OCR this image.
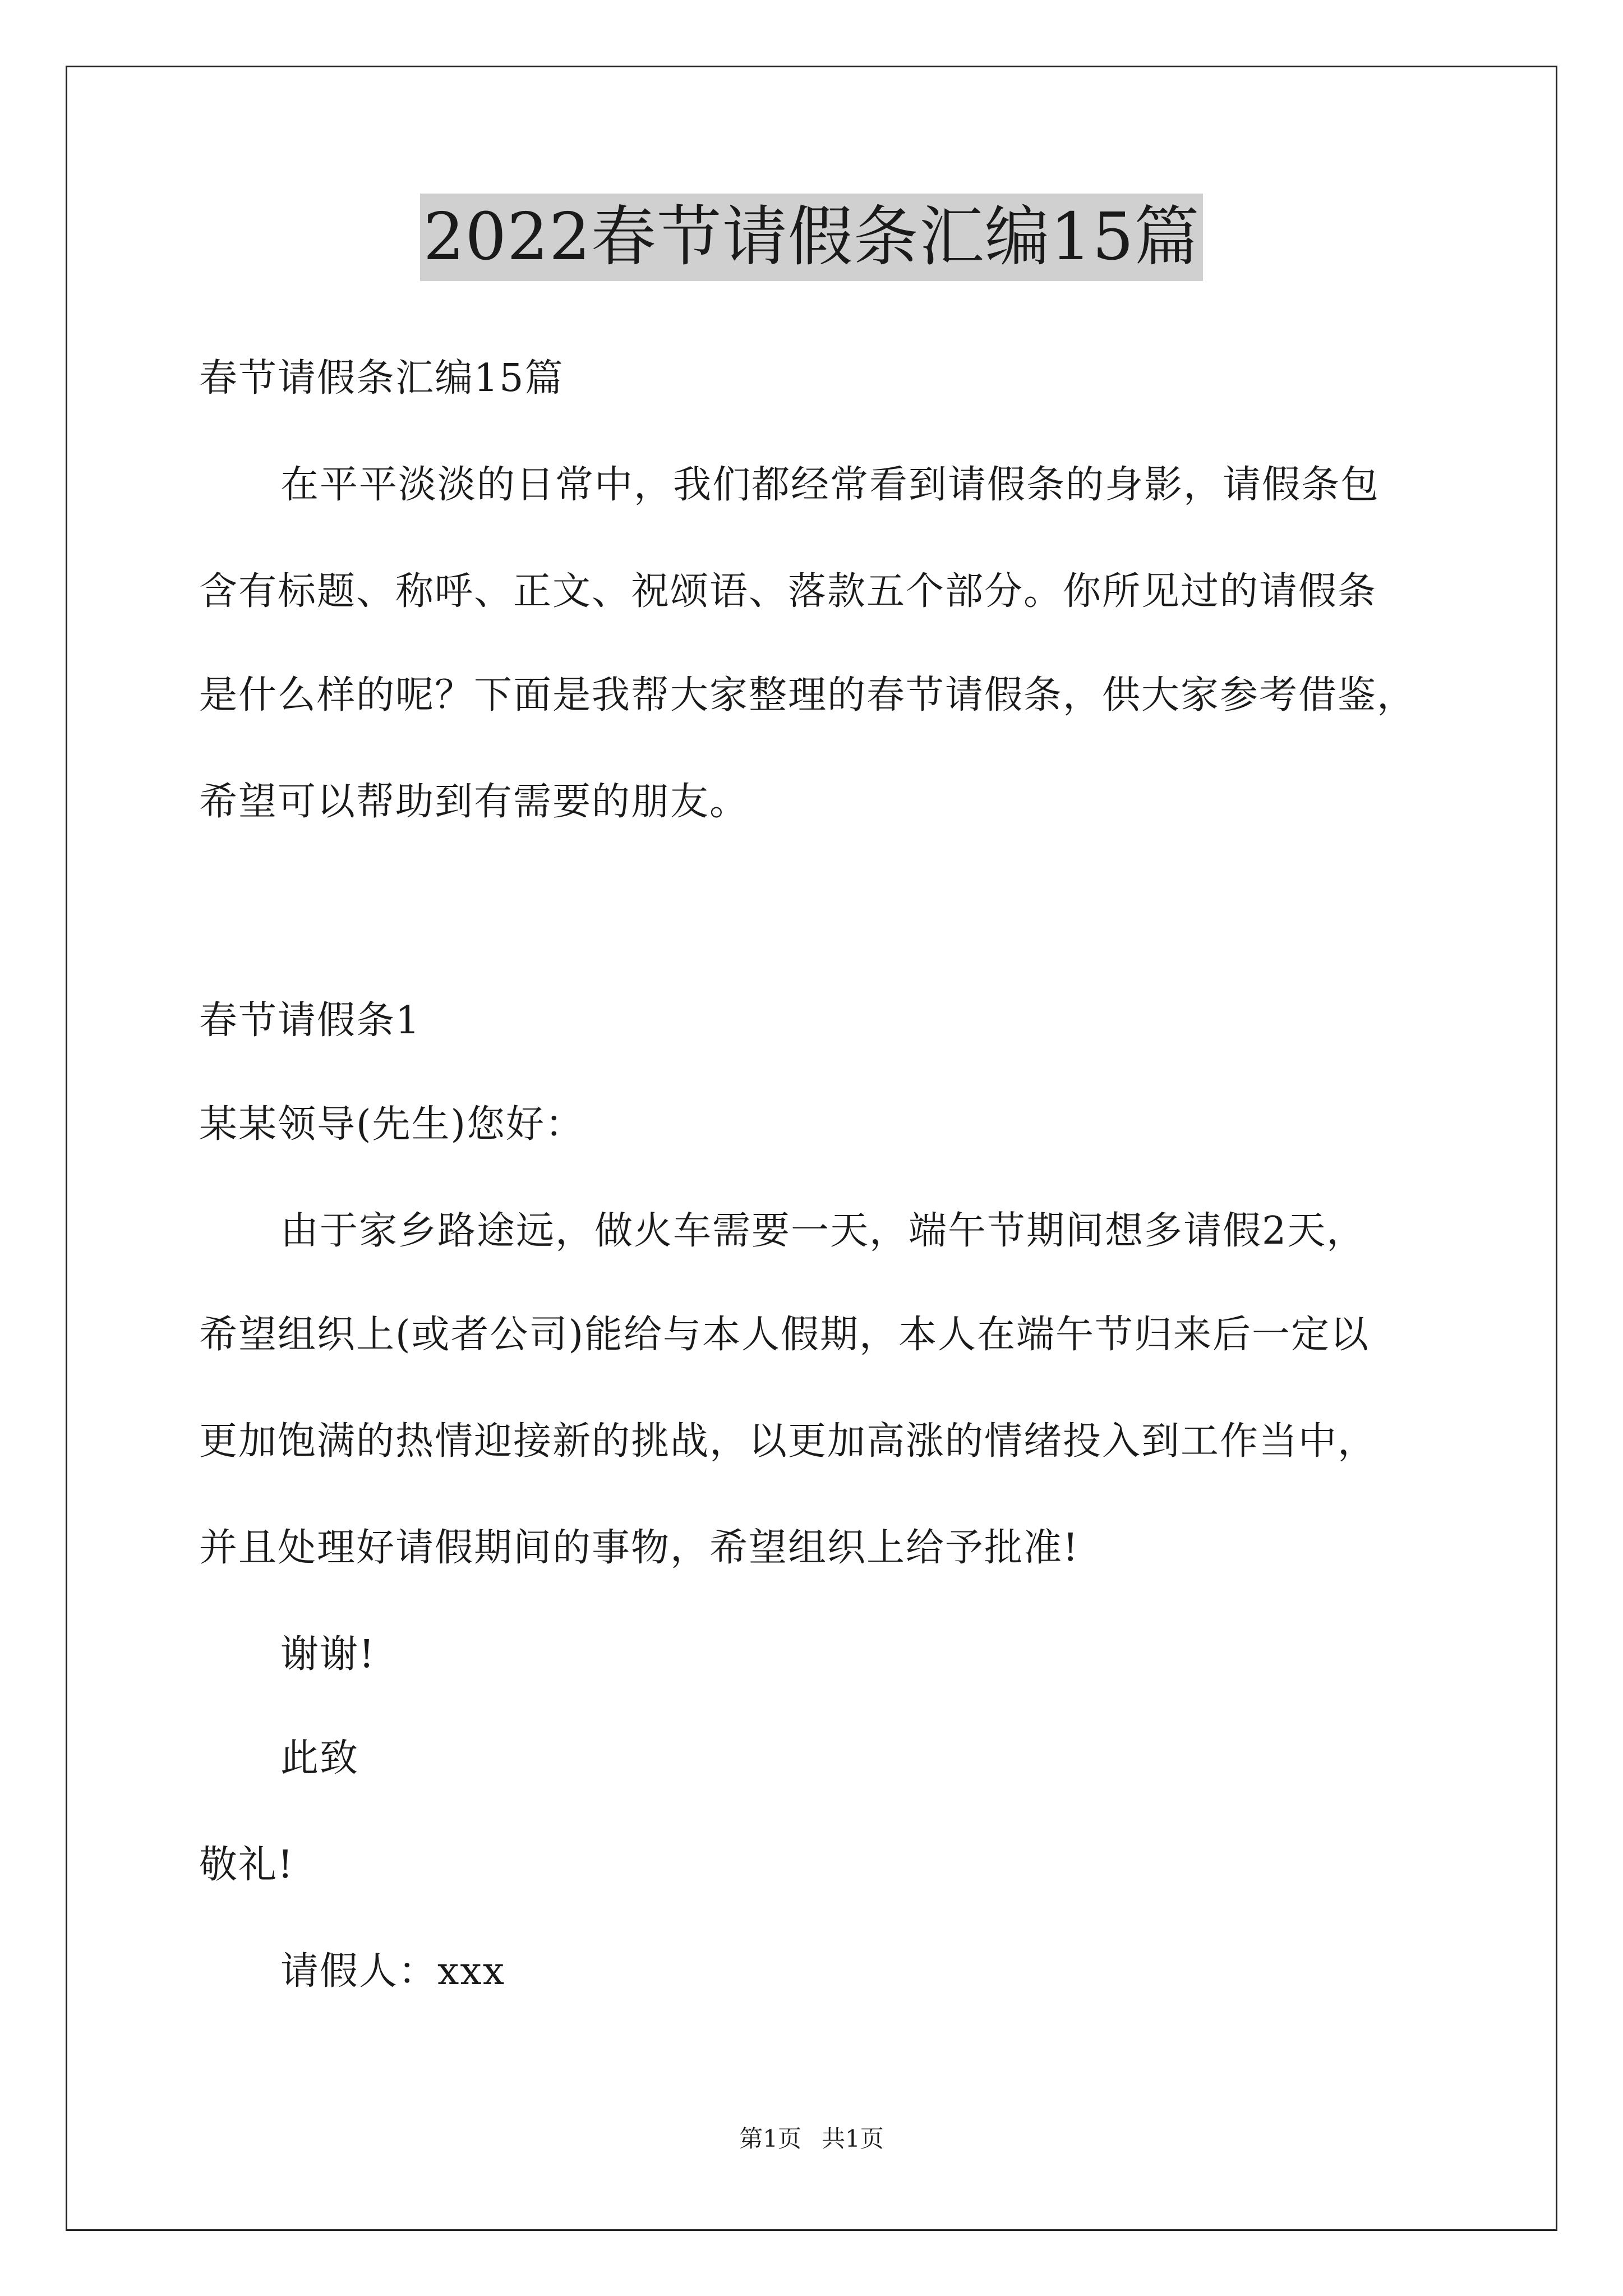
2022春节请假条汇编15篇
春节请假条汇编15篇
在平平淡淡的日常中，我们都经常看到请假条的身影，请假条包
含有标题、称呼、正文、祝颂语、落款五个部分。你所见过的请假条
是什么样的呢？下面是我帮大家整理的春节请假条，供大家参考借鉴，
希望可以帮助到有需要的朋友。
春节请假条1
某某领导(先生)您好：
由于家乡路途远，做火车需要一天，端午节期间想多请假2天，
希望组织上(或者公司)能给与本人假期，本人在端午节归来后一定以
更加饱满的热情迎接新的挑战，以更加高涨的情绪投入到工作当中，
并且处理好请假期间的事物，希望组织上给予批准!
谢谢!
此致
敬礼!
请假人：xxx
第1页 共1页
